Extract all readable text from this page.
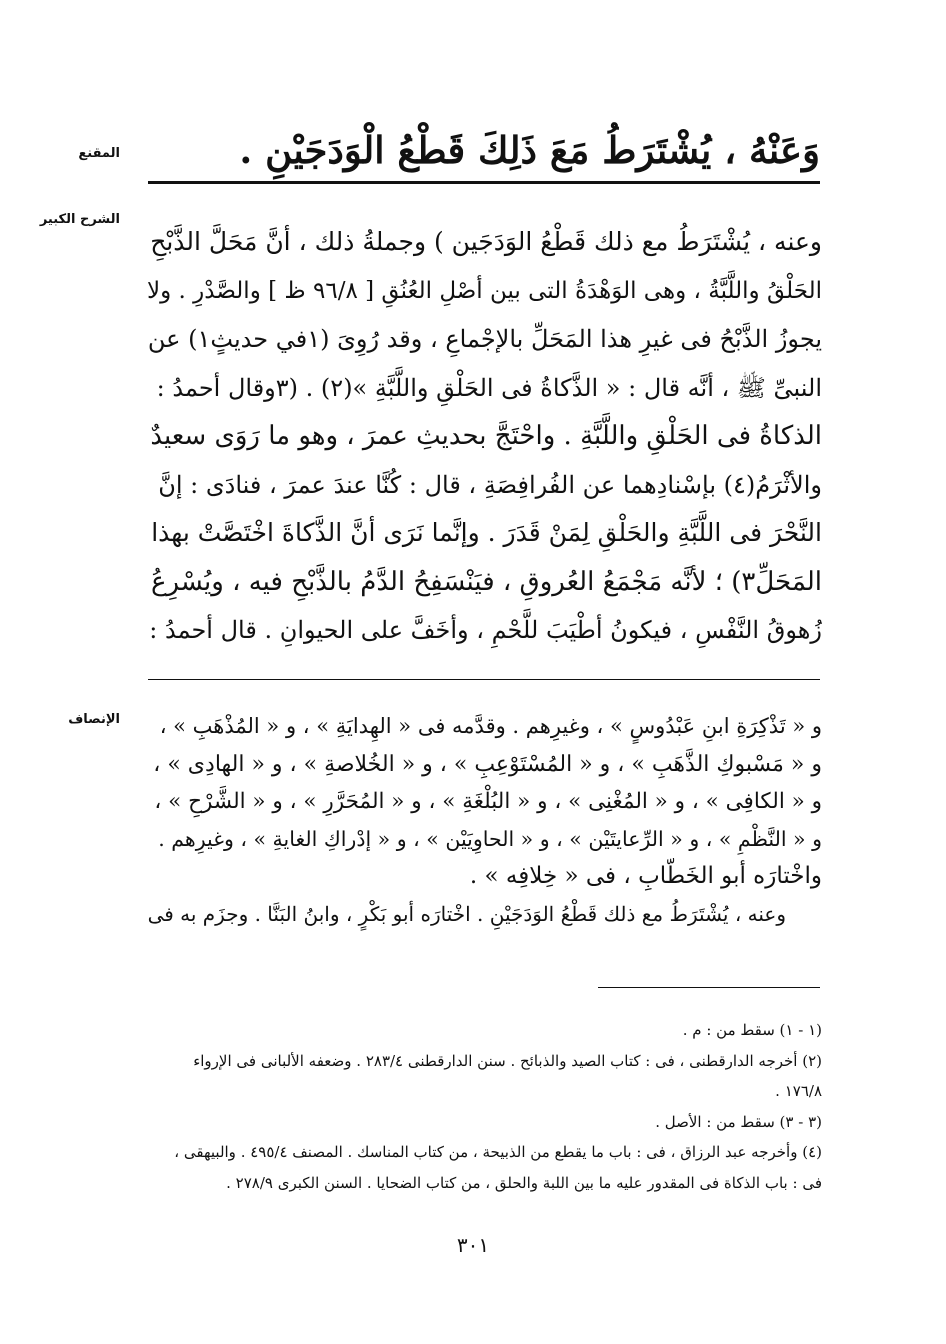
المقنع
الشرح الكبير
الإنصاف
وَعَنْهُ ، يُشْتَرَطُ مَعَ ذَلِكَ قَطْعُ الْوَدَجَيْنِ .
وعنه ، يُشْتَرَطُ مع ذلك قَطْعُ الوَدَجَين ) وجملةُ ذلك ، أنَّ مَحَلَّ الذَّبْحِ
الحَلْقُ واللَّبَّةُ ، وهى الوَهْدَةُ التى بين أصْلِ العُنُقِ [ ٩٦/٨ ظ ] والصَّدْرِ . ولا
يجوزُ الذَّبْحُ فى غيرِ هذا المَحَلِّ بالإجْماعِ ، وقد رُوِىَ (١في حديثٍ١) عن
النبىِّ ﷺ ، أنَّه قال : « الذَّكاةُ فى الحَلْقِ واللَّبَّةِ »(٢) . (٣وقال أحمدُ :
الذكاةُ فى الحَلْقِ واللَّبَّةِ . واحْتَجَّ بحديثِ عمرَ ، وهو ما رَوَى سعيدٌ
والأثْرَمُ(٤) بإسْنادِهما عن الفُرافِصَةِ ، قال : كُنَّا عندَ عمرَ ، فنادَى : إنَّ
النَّحْرَ فى اللَّبَّةِ والحَلْقِ لِمَنْ قَدَرَ . وإنَّما نَرَى أنَّ الذَّكاةَ اخْتَصَّتْ بهذا
المَحَلِّ٣) ؛ لأنَّه مَجْمَعُ العُروقِ ، فيَنْسَفِحُ الدَّمُ بالذَّبْحِ فيه ، ويُسْرِعُ
زُهوقُ النَّفْسِ ، فيكونُ أطْيَبَ للَّحْمِ ، وأخَفَّ على الحيوانِ . قال أحمدُ :
و « تَذْكِرَةِ ابنِ عَبْدُوسٍ » ، وغيرِهم . وقدَّمه فى « الهِدايَةِ » ، و « المُذْهَبِ » ،
و « مَسْبوكِ الذَّهَبِ » ، و « المُسْتَوْعِبِ » ، و « الخُلاصةِ » ، و « الهادِى » ،
و « الكافِى » ، و « المُغْنِى » ، و « البُلْغَةِ » ، و « المُحَرَّرِ » ، و « الشَّرْحِ » ،
و « النَّظْمِ » ، و « الرِّعايتَيْن » ، و « الحاوِيَيْن » ، و « إدْراكِ الغايةِ » ، وغيرِهم .
واخْتارَه أبو الخَطَّابِ ، فى « خِلافِه » .
وعنه ، يُشْتَرَطُ مع ذلك قَطْعُ الوَدَجَيْنِ . اخْتارَه أبو بَكْرٍ ، وابنُ البَنَّا . وجزَم به فى
(١ - ١) سقط من : م .
(٢) أخرجه الدارقطنى ، فى : كتاب الصيد والذبائح . سنن الدارقطنى ٢٨٣/٤ . وضعفه الألبانى فى الإرواء
١٧٦/٨ .
(٣ - ٣) سقط من : الأصل .
(٤) وأخرجه عبد الرزاق ، فى : باب ما يقطع من الذبيحة ، من كتاب المناسك . المصنف ٤٩٥/٤ . والبيهقى ،
فى : باب الذكاة فى المقدور عليه ما بين اللبة والحلق ، من كتاب الضحايا . السنن الكبرى ٢٧٨/٩ .
٣٠١
